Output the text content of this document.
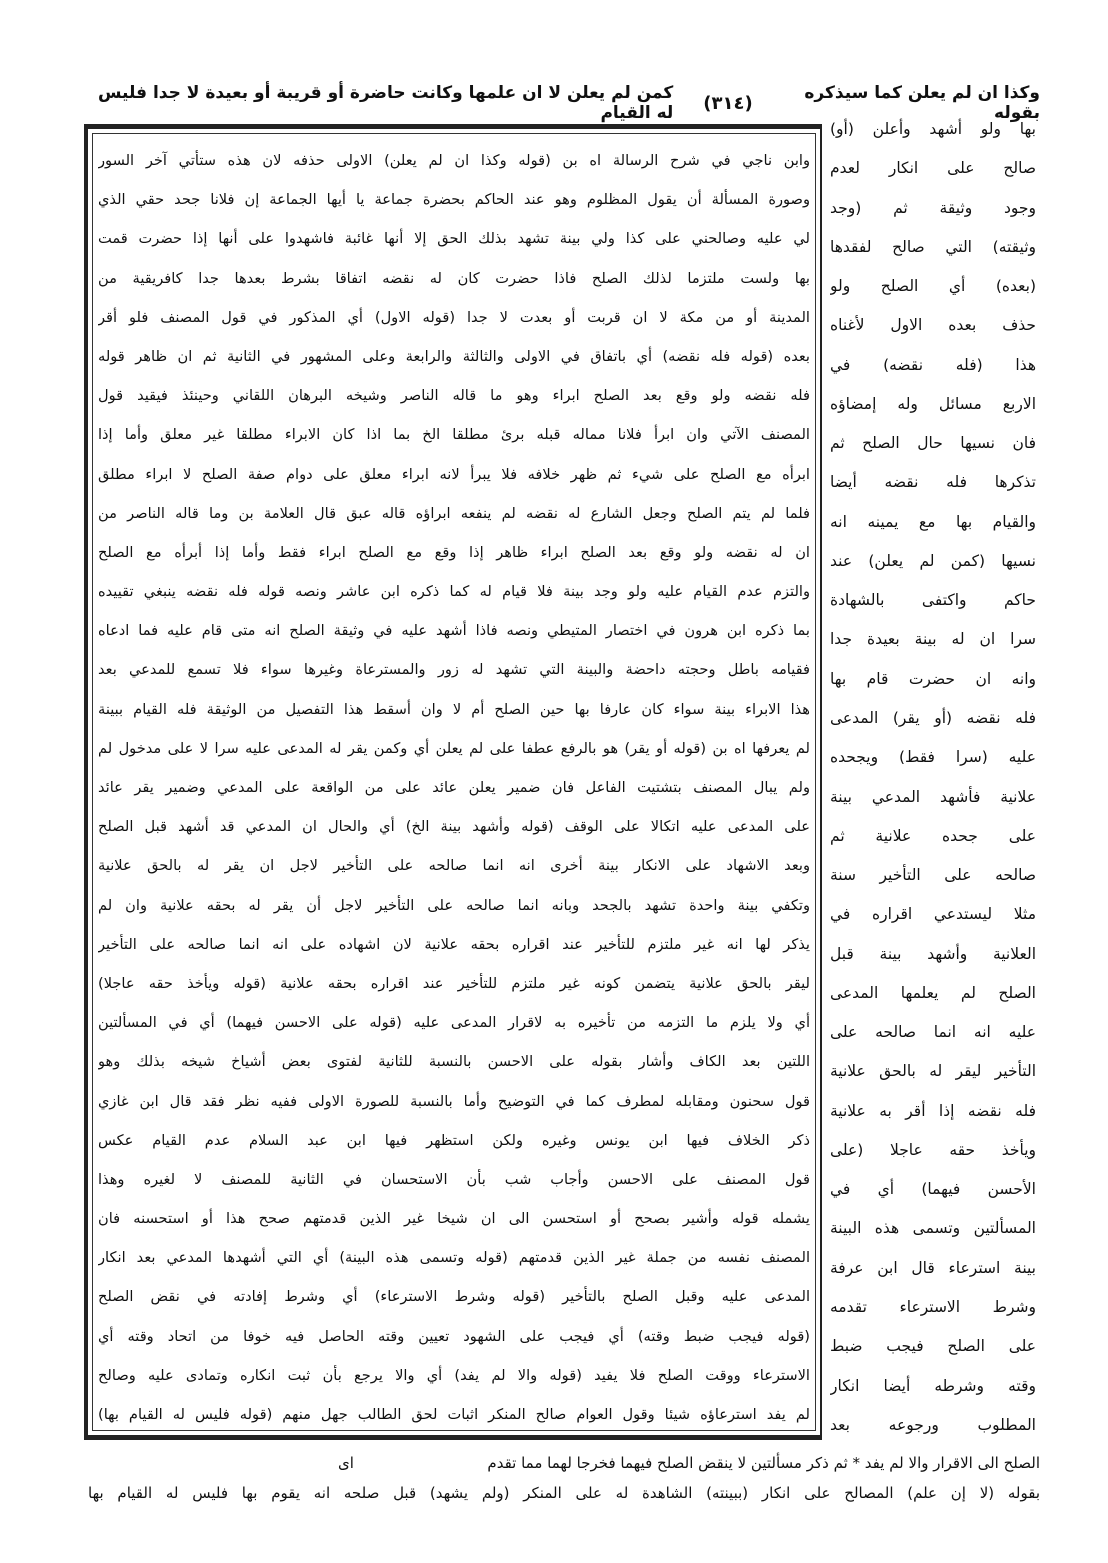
وكذا ان لم يعلن كما سيذكره بقوله
(٣١٤)
كمن لم يعلن لا ان علمها وكانت حاضرة أو قريبة أو بعيدة لا جدا فليس له القيام
وابن ناجي في شرح الرسالة اه بن (قوله وكذا ان لم يعلن) الاولى حذفه لان هذه ستأتي آخر السور
وصورة المسألة أن يقول المظلوم وهو عند الحاكم بحضرة جماعة يا أيها الجماعة إن فلانا جحد حقي الذي
لي عليه وصالحني على كذا ولي بينة تشهد بذلك الحق إلا أنها غائبة فاشهدوا على أنها إذا حضرت قمت
بها ولست ملتزما لذلك الصلح فاذا حضرت كان له نقضه اتفاقا بشرط بعدها جدا كافريقية من
المدينة أو من مكة لا ان قربت أو بعدت لا جدا (قوله الاول) أي المذكور في قول المصنف فلو أقر
بعده (قوله فله نقضه) أي باتفاق في الاولى والثالثة والرابعة وعلى المشهور في الثانية ثم ان ظاهر قوله
فله نقضه ولو وقع بعد الصلح ابراء وهو ما قاله الناصر وشيخه البرهان اللقاني وحينئذ فيقيد قول
المصنف الآتي وان ابرأ فلانا مماله قبله برئ مطلقا الخ بما اذا كان الابراء مطلقا غير معلق وأما إذا
ابرأه مع الصلح على شيء ثم ظهر خلافه فلا يبرأ لانه ابراء معلق على دوام صفة الصلح لا ابراء مطلق
فلما لم يتم الصلح وجعل الشارع له نقضه لم ينفعه ابراؤه قاله عبق قال العلامة بن وما قاله الناصر من
ان له نقضه ولو وقع بعد الصلح ابراء ظاهر إذا وقع مع الصلح ابراء فقط وأما إذا أبرأه مع الصلح
والتزم عدم القيام عليه ولو وجد بينة فلا قيام له كما ذكره ابن عاشر ونصه قوله فله نقضه ينبغي تقييده
بما ذكره ابن هرون في اختصار المتيطي ونصه فاذا أشهد عليه في وثيقة الصلح انه متى قام عليه فما ادعاه
فقيامه باطل وحجته داحضة والبينة التي تشهد له زور والمسترعاة وغيرها سواء فلا تسمع للمدعي بعد
هذا الابراء بينة سواء كان عارفا بها حين الصلح أم لا وان أسقط هذا التفصيل من الوثيقة فله القيام ببينة
لم يعرفها اه بن (قوله أو يقر) هو بالرفع عطفا على لم يعلن أي وكمن يقر له المدعى عليه سرا لا على مدخول لم
ولم يبال المصنف بتشتيت الفاعل فان ضمير يعلن عائد على من الواقعة على المدعي وضمير يقر عائد
على المدعى عليه اتكالا على الوقف (قوله وأشهد بينة الخ) أي والحال ان المدعي قد أشهد قبل الصلح
وبعد الاشهاد على الانكار بينة أخرى انه انما صالحه على التأخير لاجل ان يقر له بالحق علانية
وتكفي بينة واحدة تشهد بالجحد وبانه انما صالحه على التأخير لاجل أن يقر له بحقه علانية وان لم
يذكر لها انه غير ملتزم للتأخير عند اقراره بحقه علانية لان اشهاده على انه انما صالحه على التأخير
ليقر بالحق علانية يتضمن كونه غير ملتزم للتأخير عند اقراره بحقه علانية (قوله ويأخذ حقه عاجلا)
أي ولا يلزم ما التزمه من تأخيره به لاقرار المدعى عليه (قوله على الاحسن فيهما) أي في المسألتين
اللتين بعد الكاف وأشار بقوله على الاحسن بالنسبة للثانية لفتوى بعض أشياخ شيخه بذلك وهو
قول سحنون ومقابله لمطرف كما في التوضيح وأما بالنسبة للصورة الاولى ففيه نظر فقد قال ابن غازي
ذكر الخلاف فيها ابن يونس وغيره ولكن استظهر فيها ابن عبد السلام عدم القيام عكس
قول المصنف على الاحسن وأجاب شب بأن الاستحسان في الثانية للمصنف لا لغيره وهذا
يشمله قوله وأشير بصحح أو استحسن الى ان شيخا غير الذين قدمتهم صحح هذا أو استحسنه فان
المصنف نفسه من جملة غير الذين قدمتهم (قوله وتسمى هذه البينة) أي التي أشهدها المدعي بعد انكار
المدعى عليه وقبل الصلح بالتأخير (قوله وشرط الاسترعاء) أي وشرط إفادته في نقض الصلح
(قوله فيجب ضبط وقته) أي فيجب على الشهود تعيين وقته الحاصل فيه خوفا من اتحاد وقته أي
الاسترعاء ووقت الصلح فلا يفيد (قوله والا لم يفد) أي والا يرجع بأن ثبت انكاره وتمادى عليه وصالح
لم يفد استرعاؤه شيئا وقول العوام صالح المنكر اثبات لحق الطالب جهل منهم (قوله فليس له القيام بها)
بها ولو أشهد وأعلن (أو)
صالح على انكار لعدم
وجود وثيقة ثم (وجد
وثيقته) التي صالح لفقدها
(بعده) أي الصلح ولو
حذف بعده الاول لأغناه
هذا (فله نقضه) في
الاربع مسائل وله إمضاؤه
فان نسيها حال الصلح ثم
تذكرها فله نقضه أيضا
والقيام بها مع يمينه انه
نسيها (كمن لم يعلن) عند
حاكم واكتفى بالشهادة
سرا ان له بينة بعيدة جدا
وانه ان حضرت قام بها
فله نقضه (أو يقر) المدعى
عليه (سرا فقط) ويجحده
علانية فأشهد المدعي بينة
على جحده علانية ثم
صالحه على التأخير سنة
مثلا ليستدعي اقراره في
العلانية وأشهد بينة قبل
الصلح لم يعلمها المدعى
عليه انه انما صالحه على
التأخير ليقر له بالحق علانية
فله نقضه إذا أقر به علانية
ويأخذ حقه عاجلا (على
الأحسن فيهما) أي في
المسألتين وتسمى هذه البينة
بينة استرعاء قال ابن عرفة
وشرط الاسترعاء تقدمه
على الصلح فيجب ضبط
وقته وشرطه أيضا انكار
المطلوب ورجوعه بعد
الصلح الى الاقرار والا لم يفد * ثم ذكر مسألتين لا ينقض الصلح فيهما فخرجا لهما مما تقدم
اى
بقوله (لا إن علم) المصالح على انكار (ببينته) الشاهدة له على المنكر (ولم يشهد) قبل صلحه انه يقوم بها فليس له القيام بها
